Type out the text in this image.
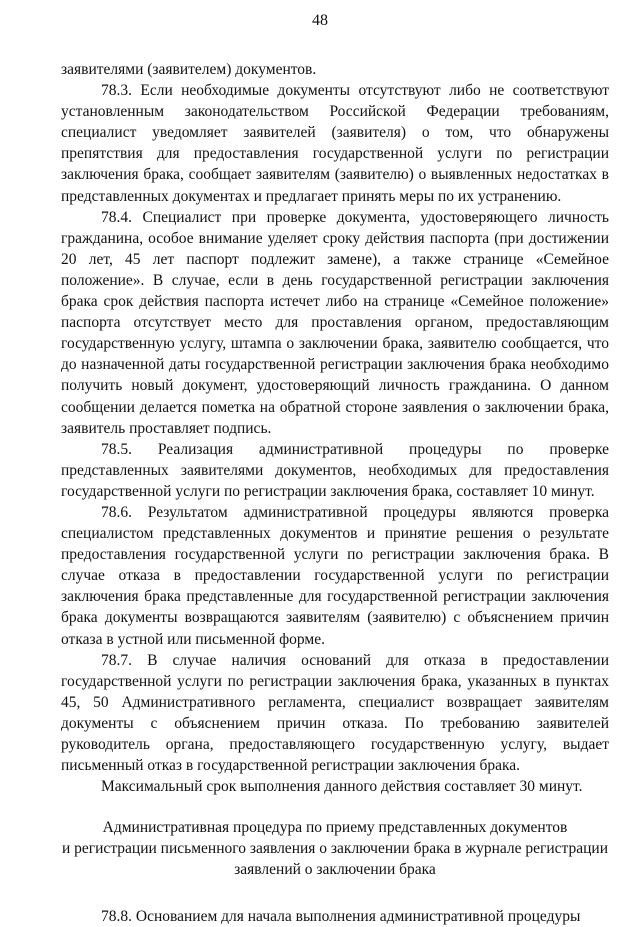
48

заявителями (заявителем) документов.

78.3. Если необходимые документы отсутствуют либо не соответствуют установленным законодательством Российской Федерации требованиям, специалист уведомляет заявителей (заявителя) о том, что обнаружены препятствия для предоставления государственной услуги по регистрации заключения брака, сообщает заявителям (заявителю) о выявленных недостатках в представленных документах и предлагает принять меры по их устранению.

78.4. Специалист при проверке документа, удостоверяющего личность гражданина, особое внимание уделяет сроку действия паспорта (при достижении 20 лет, 45 лет паспорт подлежит замене), а также странице «Семейное положение». В случае, если в день государственной регистрации заключения брака срок действия паспорта истечет либо на странице «Семейное положение» паспорта отсутствует место для проставления органом, предоставляющим государственную услугу, штампа о заключении брака, заявителю сообщается, что до назначенной даты государственной регистрации заключения брака необходимо получить новый документ, удостоверяющий личность гражданина. О данном сообщении делается пометка на обратной стороне заявления о заключении брака, заявитель проставляет подпись.

78.5. Реализация административной процедуры по проверке представленных заявителями документов, необходимых для предоставления государственной услуги по регистрации заключения брака, составляет 10 минут.

78.6. Результатом административной процедуры являются проверка специалистом представленных документов и принятие решения о результате предоставления государственной услуги по регистрации заключения брака. В случае отказа в предоставлении государственной услуги по регистрации заключения брака представленные для государственной регистрации заключения брака документы возвращаются заявителям (заявителю) с объяснением причин отказа в устной или письменной форме.

78.7. В случае наличия оснований для отказа в предоставлении государственной услуги по регистрации заключения брака, указанных в пунктах 45, 50 Административного регламента, специалист возвращает заявителям документы с объяснением причин отказа. По требованию заявителей руководитель органа, предоставляющего государственную услугу, выдает письменный отказ в государственной регистрации заключения брака.

Максимальный срок выполнения данного действия составляет 30 минут.

Административная процедура по приему представленных документов
и регистрации письменного заявления о заключении брака в журнале регистрации
заявлений о заключении брака

78.8. Основанием для начала выполнения административной процедуры
